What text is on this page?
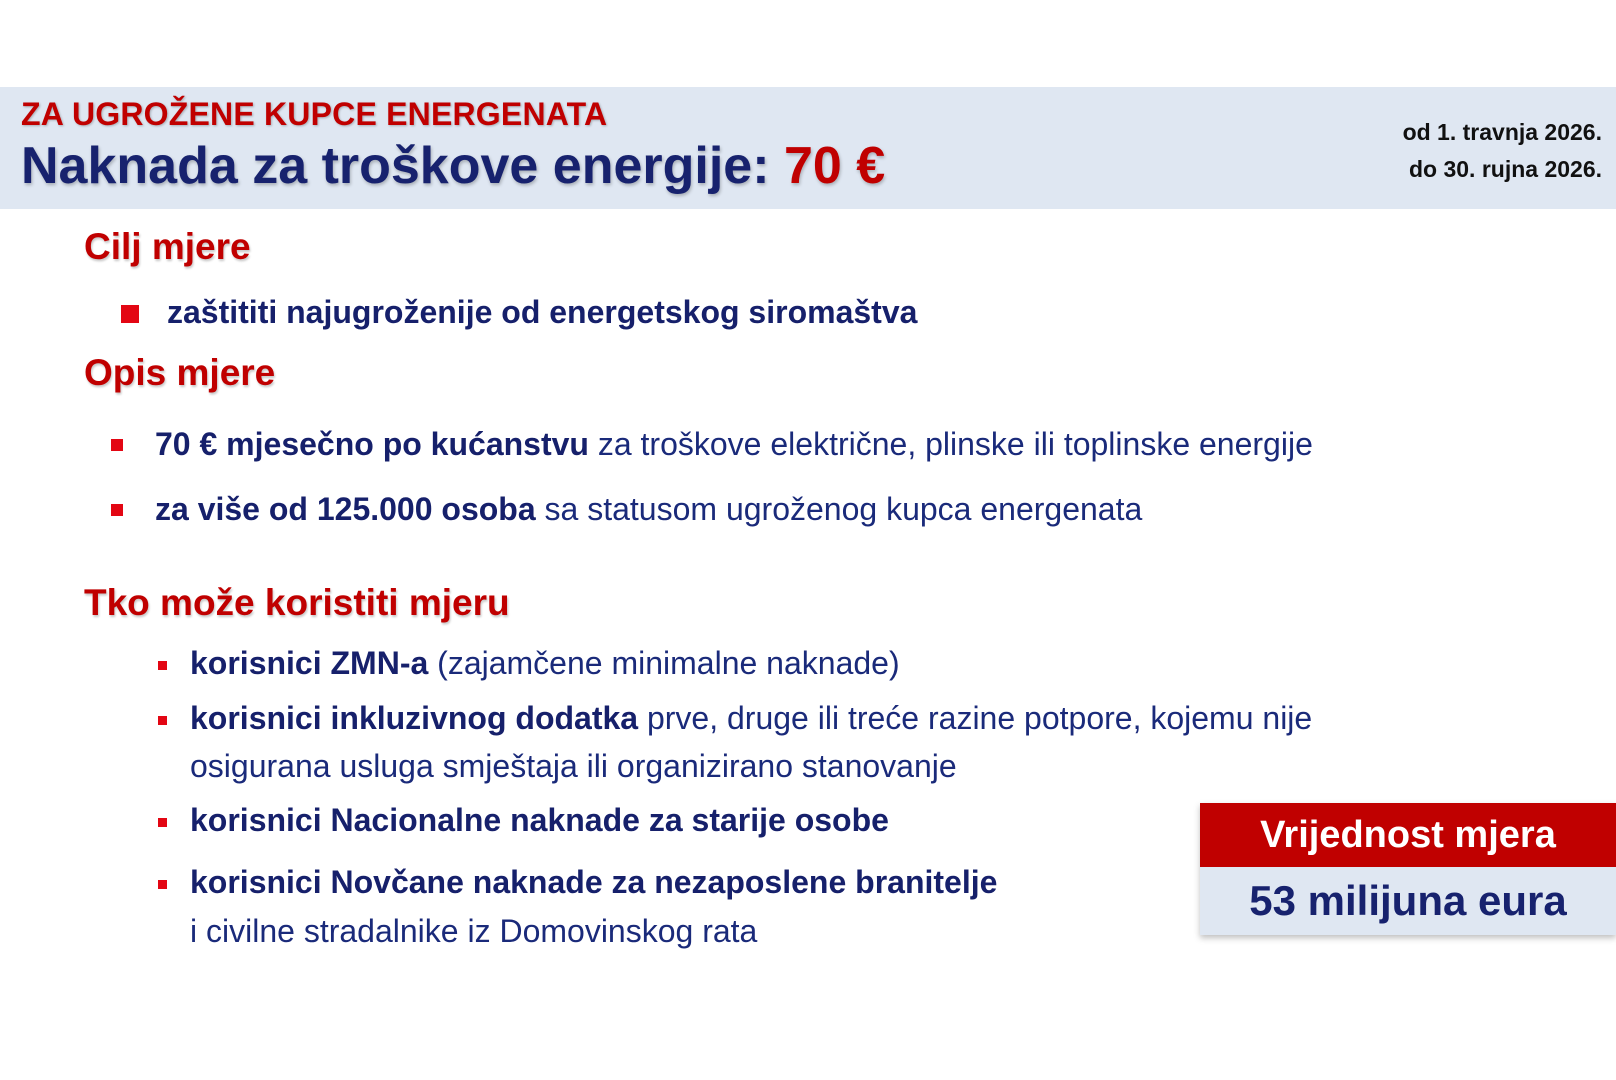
ZA UGROŽENE KUPCE ENERGENATA
Naknada za troškove energije: 70 €
od 1. travnja 2026.
do 30. rujna 2026.
Cilj mjere
zaštititi najugroženije od energetskog siromaštva
Opis mjere
70 € mjesečno po kućanstvu za troškove električne, plinske ili toplinske energije
za više od 125.000 osoba sa statusom ugroženog kupca energenata
Tko može koristiti mjeru
korisnici ZMN-a (zajamčene minimalne naknade)
korisnici inkluzivnog dodatka prve, druge ili treće razine potpore, kojemu nije
osigurana usluga smještaja ili organizirano stanovanje
korisnici Nacionalne naknade za starije osobe
korisnici Novčane naknade za nezaposlene branitelje
i civilne stradalnike iz Domovinskog rata
Vrijednost mjera
53 milijuna eura
